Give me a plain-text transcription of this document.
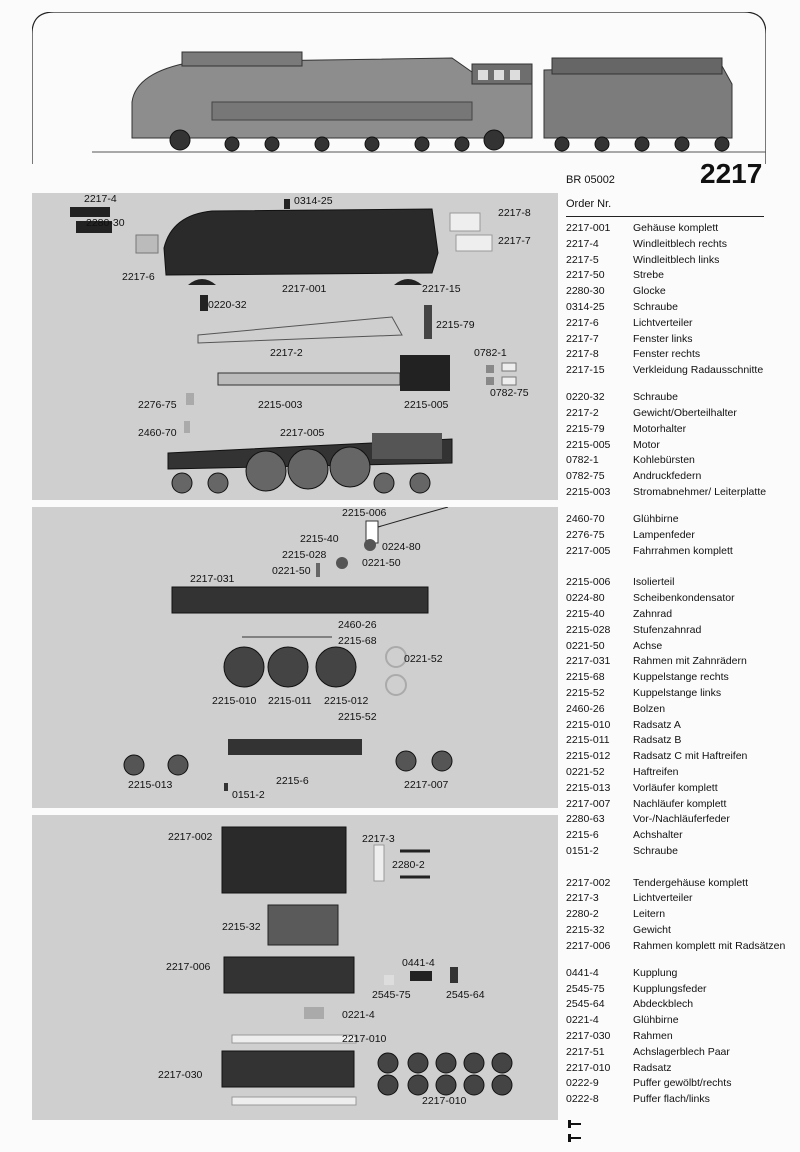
2217
BR 05002
Order Nr.
2217-4
2280-30
2217-6
0314-25
2217-8
2217-7
2217-001	2217-15
0220-32
2215-79
2217-2	0782-1
0782-75
2276-75	2215-003	2215-005
2460-70	2217-005
2215-006
2215-40
0224-80
2215-028
0221-50
0221-50
2217-031
2460-26
2215-68
0221-52
2215-010 2215-011 2215-012
2215-52
2215-013	2215-6	2217-007
0151-2
2217-002	2217-3
2280-2
2215-32
2217-006	0441-4
2545-75	2545-64
0221-4
2217-010
2217-030
2217-010
2217-001	Gehäuse komplett
2217-4	Windleitblech rechts
2217-5	Windleitblech links
2217-50	Strebe
2280-30	Glocke
0314-25	Schraube
2217-6	Lichtverteiler
2217-7	Fenster links
2217-8	Fenster rechts
2217-15	Verkleidung Radausschnitte
0220-32	Schraube
2217-2	Gewicht/Oberteilhalter
2215-79	Motorhalter
2215-005	Motor
0782-1	Kohlebürsten
0782-75	Andruckfedern
2215-003	Stromabnehmer/ Leiterplatte
2460-70	Glühbirne
2276-75	Lampenfeder
2217-005	Fahrrahmen komplett
2215-006	Isolierteil
0224-80	Scheibenkondensator
2215-40	Zahnrad
2215-028	Stufenzahnrad
0221-50	Achse
2217-031	Rahmen mit Zahnrädern
2215-68	Kuppelstange rechts
2215-52	Kuppelstange links
2460-26	Bolzen
2215-010	Radsatz A
2215-011	Radsatz B
2215-012	Radsatz C mit Haftreifen
0221-52	Haftreifen
2215-013	Vorläufer komplett
2217-007	Nachläufer komplett
2280-63	Vor-/Nachläuferfeder
2215-6	Achshalter
0151-2	Schraube
2217-002	Tendergehäuse komplett
2217-3	Lichtverteiler
2280-2	Leitern
2215-32	Gewicht
2217-006	Rahmen komplett mit Radsätzen
0441-4	Kupplung
2545-75	Kupplungsfeder
2545-64	Abdeckblech
0221-4	Glühbirne
2217-030	Rahmen
2217-51	Achslagerblech Paar
2217-010	Radsatz
0222-9	Puffer gewölbt/rechts
0222-8	Puffer flach/links
